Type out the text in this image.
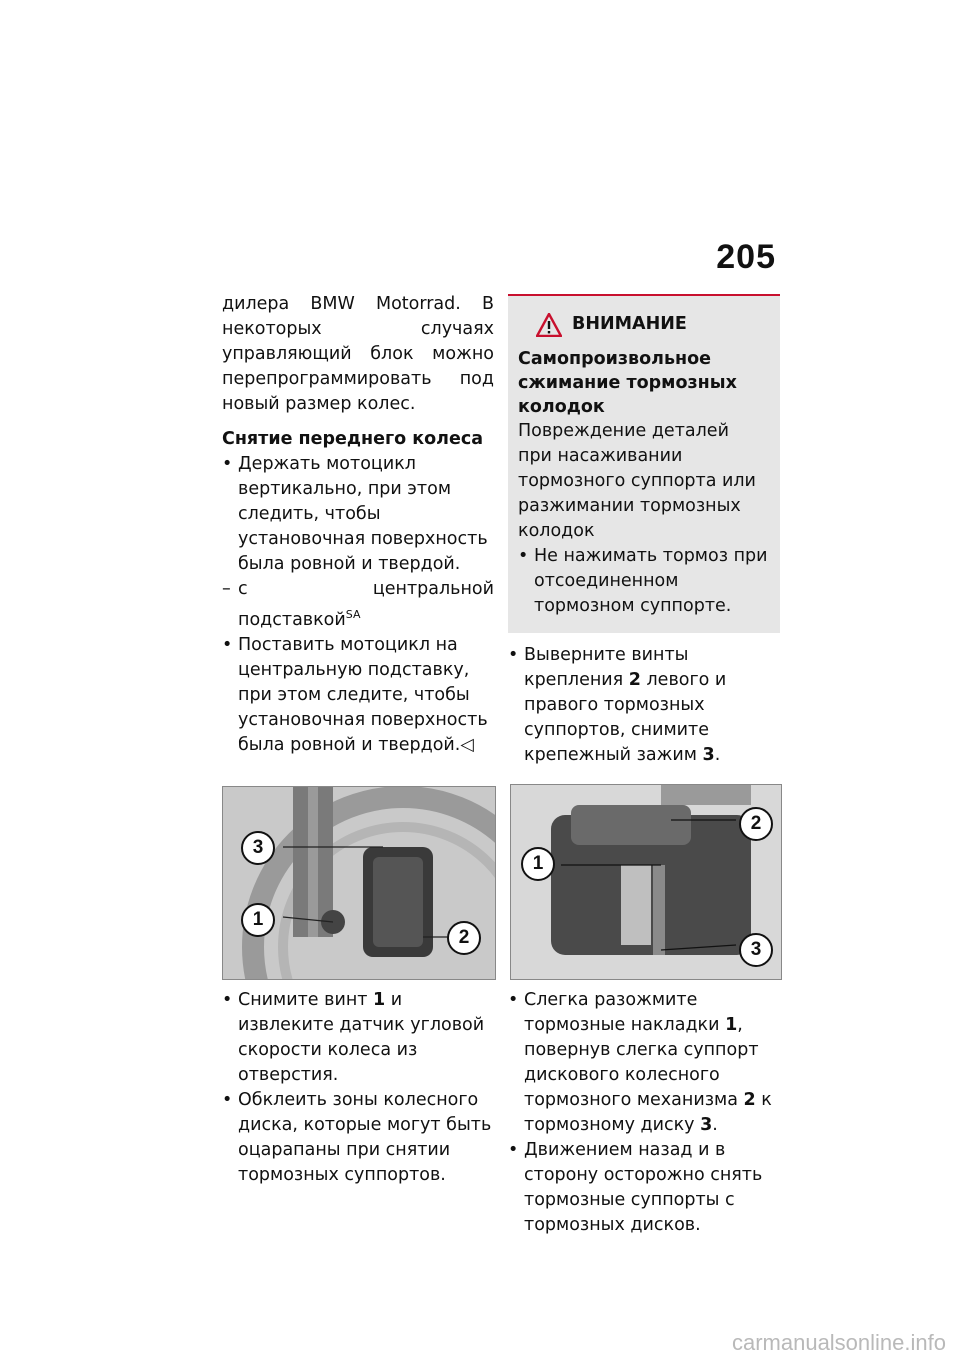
205

дилера BMW Motorrad. В некоторых случаях управляющий блок можно перепрограммировать под новый размер колес.

Снятие переднего колеса

• Держать мотоцикл вертикально, при этом следить, чтобы установочная поверхность была ровной и твердой.

– с центральной подставкой$^{SA}$

• Поставить мотоцикл на центральную подставку, при этом следите, чтобы установочная поверхность была ровной и твердой.◁

3
1
2

• Снимите винт 1 и извлеките датчик угловой скорости колеса из отверстия.

• Обклеить зоны колесного диска, которые могут быть оцарапаны при снятии тормозных суппортов.

ВНИМАНИЕ

Самопроизвольное сжимание тормозных колодок

Повреждение деталей при насаживании тормозного суппорта или разжимании тормозных колодок

• Не нажимать тормоз при отсоединенном тормозном суппорте.

• Выверните винты крепления 2 левого и правого тормозных суппортов, снимите крепежный зажим 3.

2
1
3

• Слегка разожмите тормозные накладки 1, повернув слегка суппорт дискового колесного тормозного механизма 2 к тормозному диску 3.

• Движением назад и в сторону осторожно снять тормозные суппорты с тормозных дисков.

carmanualsonline.info
